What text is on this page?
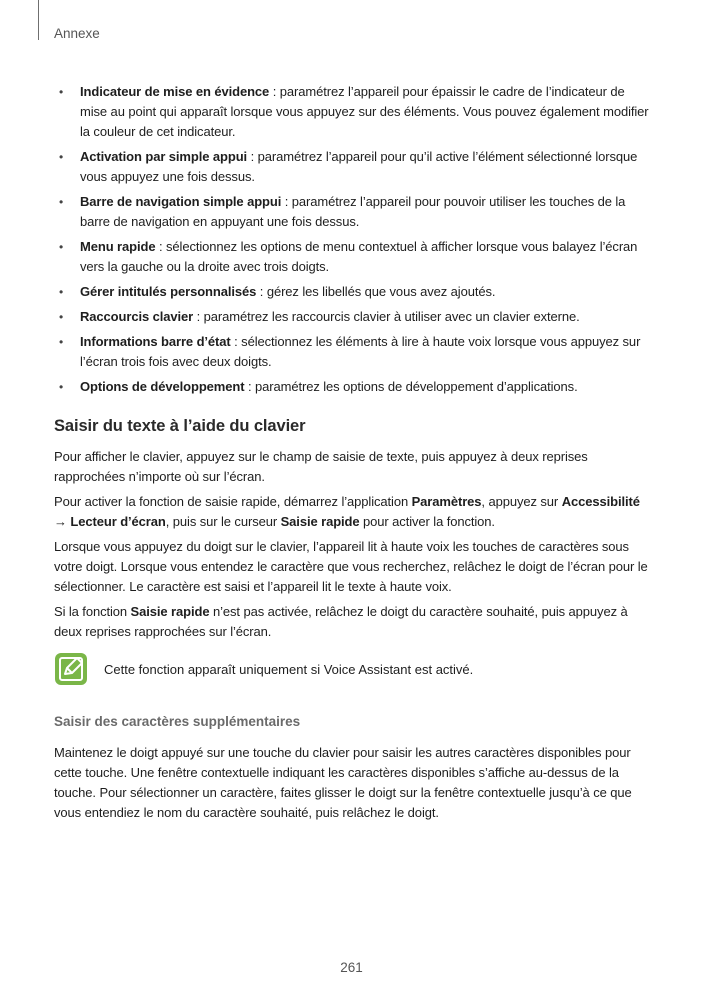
Annexe
• Indicateur de mise en évidence : paramétrez l’appareil pour épaissir le cadre de l’indicateur de mise au point qui apparaît lorsque vous appuyez sur des éléments. Vous pouvez également modifier la couleur de cet indicateur.
• Activation par simple appui : paramétrez l’appareil pour qu’il active l’élément sélectionné lorsque vous appuyez une fois dessus.
• Barre de navigation simple appui : paramétrez l’appareil pour pouvoir utiliser les touches de la barre de navigation en appuyant une fois dessus.
• Menu rapide : sélectionnez les options de menu contextuel à afficher lorsque vous balayez l’écran vers la gauche ou la droite avec trois doigts.
• Gérer intitulés personnalisés : gérez les libellés que vous avez ajoutés.
• Raccourcis clavier : paramétrez les raccourcis clavier à utiliser avec un clavier externe.
• Informations barre d’état : sélectionnez les éléments à lire à haute voix lorsque vous appuyez sur l’écran trois fois avec deux doigts.
• Options de développement : paramétrez les options de développement d’applications.
Saisir du texte à l’aide du clavier

Pour afficher le clavier, appuyez sur le champ de saisie de texte, puis appuyez à deux reprises rapprochées n’importe où sur l’écran.

Pour activer la fonction de saisie rapide, démarrez l’application Paramètres, appuyez sur Accessibilité → Lecteur d’écran, puis sur le curseur Saisie rapide pour activer la fonction.

Lorsque vous appuyez du doigt sur le clavier, l’appareil lit à haute voix les touches de caractères sous votre doigt. Lorsque vous entendez le caractère que vous recherchez, relâchez le doigt de l’écran pour le sélectionner. Le caractère est saisi et l’appareil lit le texte à haute voix.

Si la fonction Saisie rapide n’est pas activée, relâchez le doigt du caractère souhaité, puis appuyez à deux reprises rapprochées sur l’écran.

Cette fonction apparaît uniquement si Voice Assistant est activé.

Saisir des caractères supplémentaires

Maintenez le doigt appuyé sur une touche du clavier pour saisir les autres caractères disponibles pour cette touche. Une fenêtre contextuelle indiquant les caractères disponibles s’affiche au-dessus de la touche. Pour sélectionner un caractère, faites glisser le doigt sur la fenêtre contextuelle jusqu’à ce que vous entendiez le nom du caractère souhaité, puis relâchez le doigt.

261
